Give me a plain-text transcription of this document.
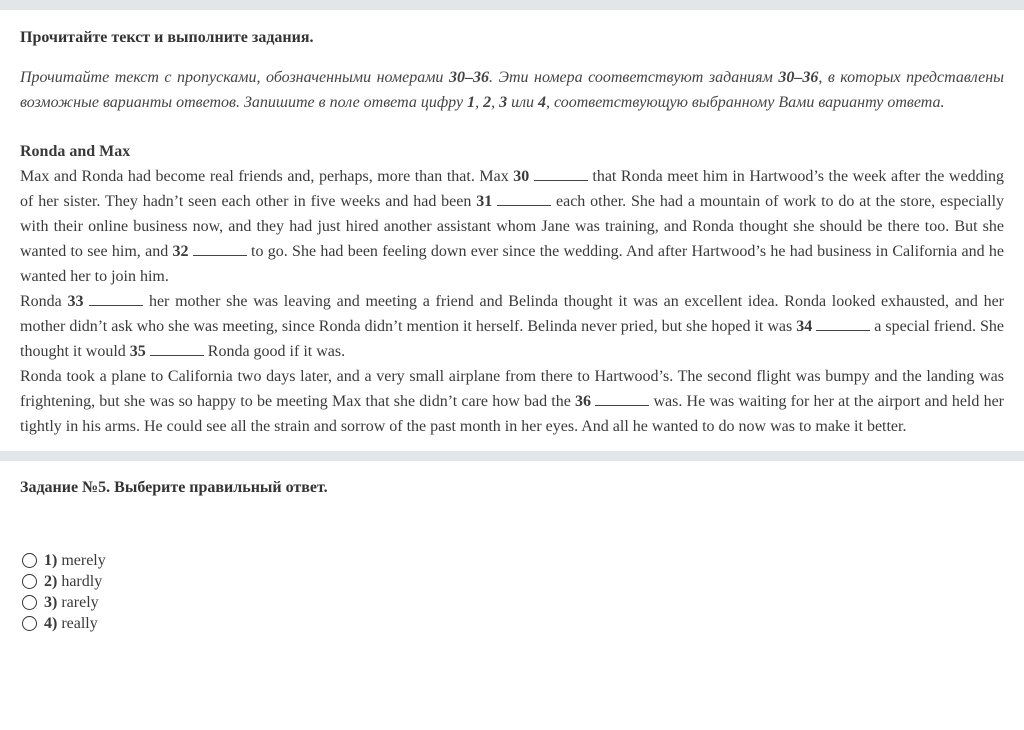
Прочитайте текст и выполните задания.

Прочитайте текст с пропусками, обозначенными номерами 30–36. Эти номера соответствуют заданиям 30–36, в которых представлены возможные варианты ответов. Запишите в поле ответа цифру 1, 2, 3 или 4, соответствующую выбранному Вами варианту ответа.

Ronda and Max

Max and Ronda had become real friends and, perhaps, more than that. Max 30	that Ronda meet him in Hartwood’s the week after the wedding of her sister. They hadn’t seen each other in five weeks and had been 31	each other. She had a mountain of work to do at the store, especially with their online business now, and they had just hired another assistant whom Jane was training, and Ronda thought she should be there too. But she wanted to see him, and 32	to go. She had been feeling down ever since the wedding. And after Hartwood’s he had business in California and he wanted her to join him.

Ronda 33	her mother she was leaving and meeting a friend and Belinda thought it was an excellent idea. Ronda looked exhausted, and her mother didn’t ask who she was meeting, since Ronda didn’t mention it herself. Belinda never pried, but she hoped it was 34	a special friend. She thought it would 35	Ronda good if it was.

Ronda took a plane to California two days later, and a very small airplane from there to Hartwood’s. The second flight was bumpy and the landing was frightening, but she was so happy to be meeting Max that she didn’t care how bad the 36	was. He was waiting for her at the airport and held her tightly in his arms. He could see all the strain and sorrow of the past month in her eyes. And all he wanted to do now was to make it better.

Задание №5. Выберите правильный ответ.

1) merely
2) hardly
3) rarely
4) really
